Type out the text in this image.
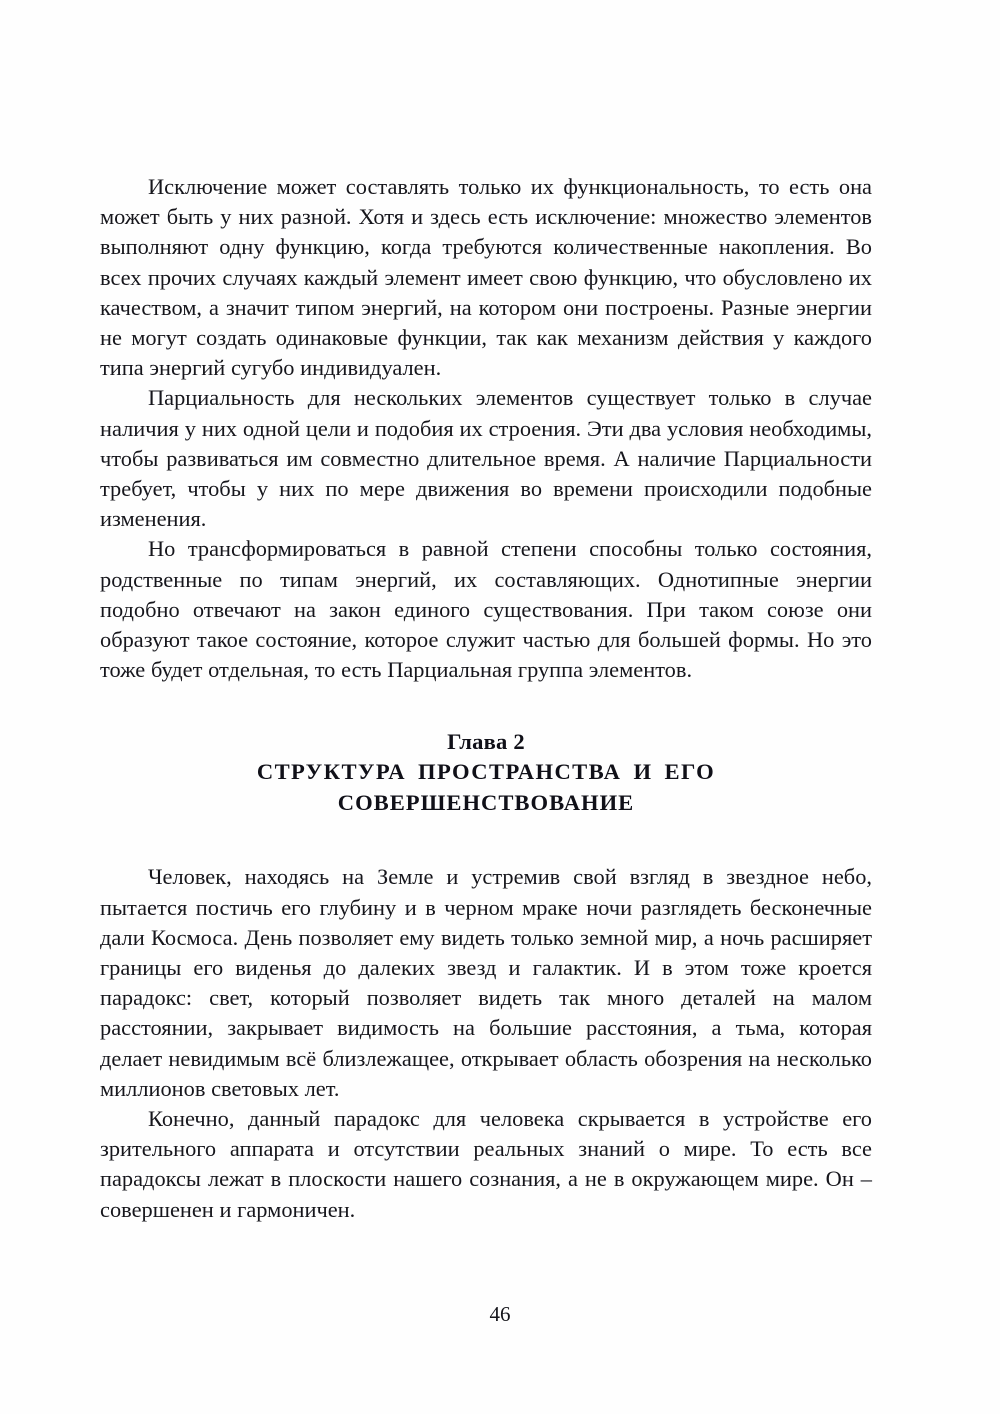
Исключение может составлять только их функциональность, то есть она может быть у них разной. Хотя и здесь есть исключение: множество элементов выполняют одну функцию, когда требуются количественные накопления. Во всех прочих случаях каждый элемент имеет свою функцию, что обусловлено их качеством, а значит типом энергий, на котором они построены. Разные энергии не могут создать одинаковые функции, так как механизм действия у каждого типа энергий сугубо индивидуален.

Парциальность для нескольких элементов существует только в случае наличия у них одной цели и подобия их строения. Эти два условия необходимы, чтобы развиваться им совместно длительное время. А наличие Парциальности требует, чтобы у них по мере движения во времени происходили подобные изменения.

Но трансформироваться в равной степени способны только состояния, родственные по типам энергий, их составляющих. Однотипные энергии подобно отвечают на закон единого существования. При таком союзе они образуют такое состояние, которое служит частью для большей формы. Но это тоже будет отдельная, то есть Парциальная группа элементов.

Глава 2
СТРУКТУРА ПРОСТРАНСТВА И ЕГО
СОВЕРШЕНСТВОВАНИЕ

Человек, находясь на Земле и устремив свой взгляд в звездное небо, пытается постичь его глубину и в черном мраке ночи разглядеть бесконечные дали Космоса. День позволяет ему видеть только земной мир, а ночь расширяет границы его виденья до далеких звезд и галактик. И в этом тоже кроется парадокс: свет, который позволяет видеть так много деталей на малом расстоянии, закрывает видимость на большие расстояния, а тьма, которая делает невидимым всё близлежащее, открывает область обозрения на несколько миллионов световых лет.

Конечно, данный парадокс для человека скрывается в устройстве его зрительного аппарата и отсутствии реальных знаний о мире. То есть все парадоксы лежат в плоскости нашего сознания, а не в окружающем мире. Он – совершенен и гармоничен.

46
